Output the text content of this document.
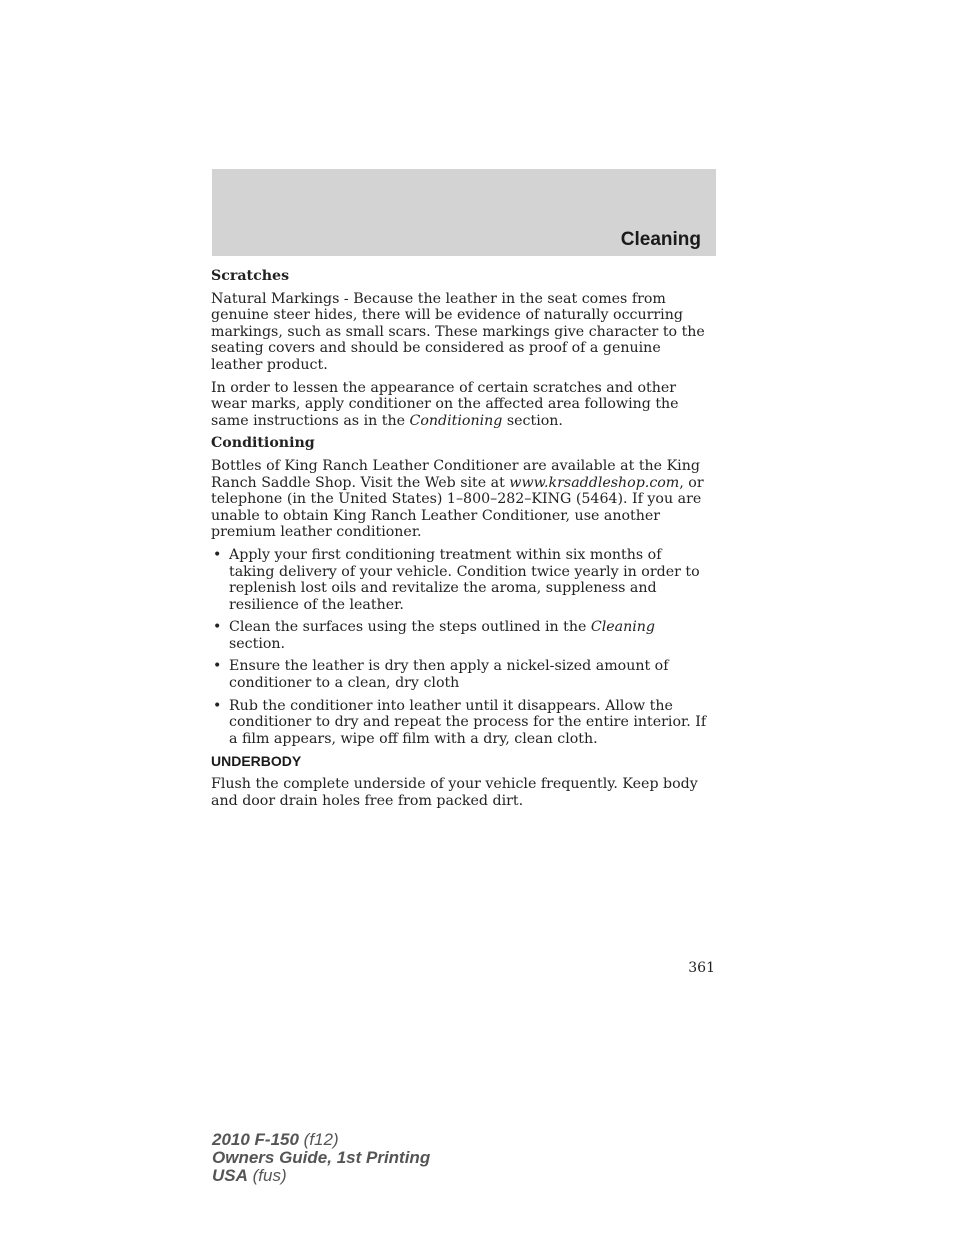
Cleaning
Scratches

Natural Markings - Because the leather in the seat comes from genuine steer hides, there will be evidence of naturally occurring markings, such as small scars. These markings give character to the seating covers and should be considered as proof of a genuine leather product.

In order to lessen the appearance of certain scratches and other wear marks, apply conditioner on the affected area following the same instructions as in the Conditioning section.

Conditioning

Bottles of King Ranch Leather Conditioner are available at the King Ranch Saddle Shop. Visit the Web site at www.krsaddleshop.com, or telephone (in the United States) 1–800–282–KING (5464). If you are unable to obtain King Ranch Leather Conditioner, use another premium leather conditioner.

• Apply your first conditioning treatment within six months of taking delivery of your vehicle. Condition twice yearly in order to replenish lost oils and revitalize the aroma, suppleness and resilience of the leather.
• Clean the surfaces using the steps outlined in the Cleaning section.
• Ensure the leather is dry then apply a nickel-sized amount of conditioner to a clean, dry cloth
• Rub the conditioner into leather until it disappears. Allow the conditioner to dry and repeat the process for the entire interior. If a film appears, wipe off film with a dry, clean cloth.
UNDERBODY

Flush the complete underside of your vehicle frequently. Keep body and door drain holes free from packed dirt.

361
2010 F-150 (f12)
Owners Guide, 1st Printing
USA (fus)
